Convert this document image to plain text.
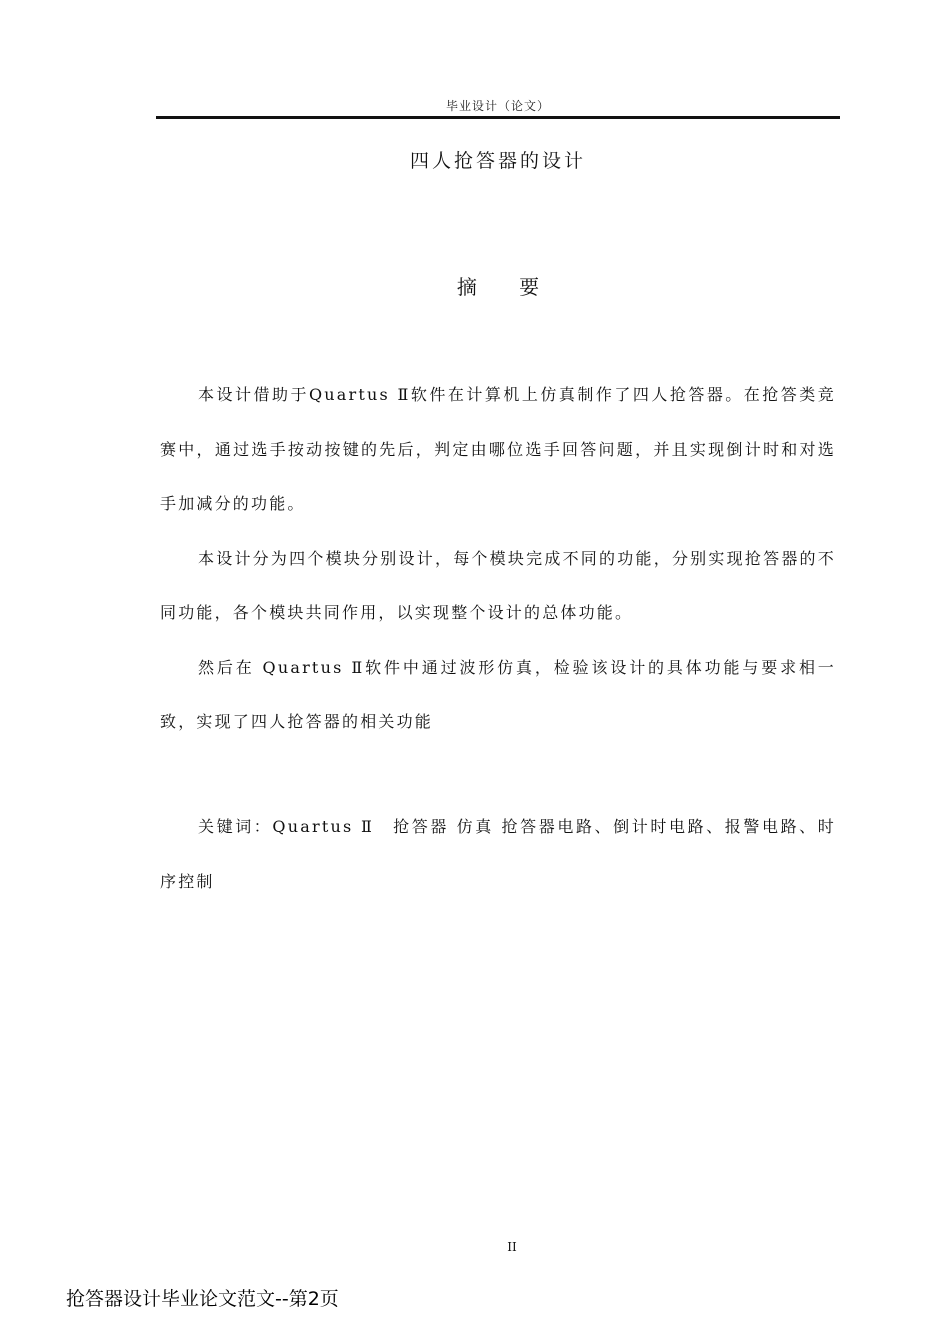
毕业设计（论文）
四人抢答器的设计
摘 要

本设计借助于Quartus Ⅱ软件在计算机上仿真制作了四人抢答器。在抢答类竞赛中，通过选手按动按键的先后，判定由哪位选手回答问题，并且实现倒计时和对选手加减分的功能。

本设计分为四个模块分别设计，每个模块完成不同的功能，分别实现抢答器的不同功能，各个模块共同作用，以实现整个设计的总体功能。

然后在 Quartus Ⅱ软件中通过波形仿真，检验该设计的具体功能与要求相一致，实现了四人抢答器的相关功能

关键词：Quartus Ⅱ　抢答器 仿真 抢答器电路、倒计时电路、报警电路、时序控制
II
抢答器设计毕业论文范文--第2页
